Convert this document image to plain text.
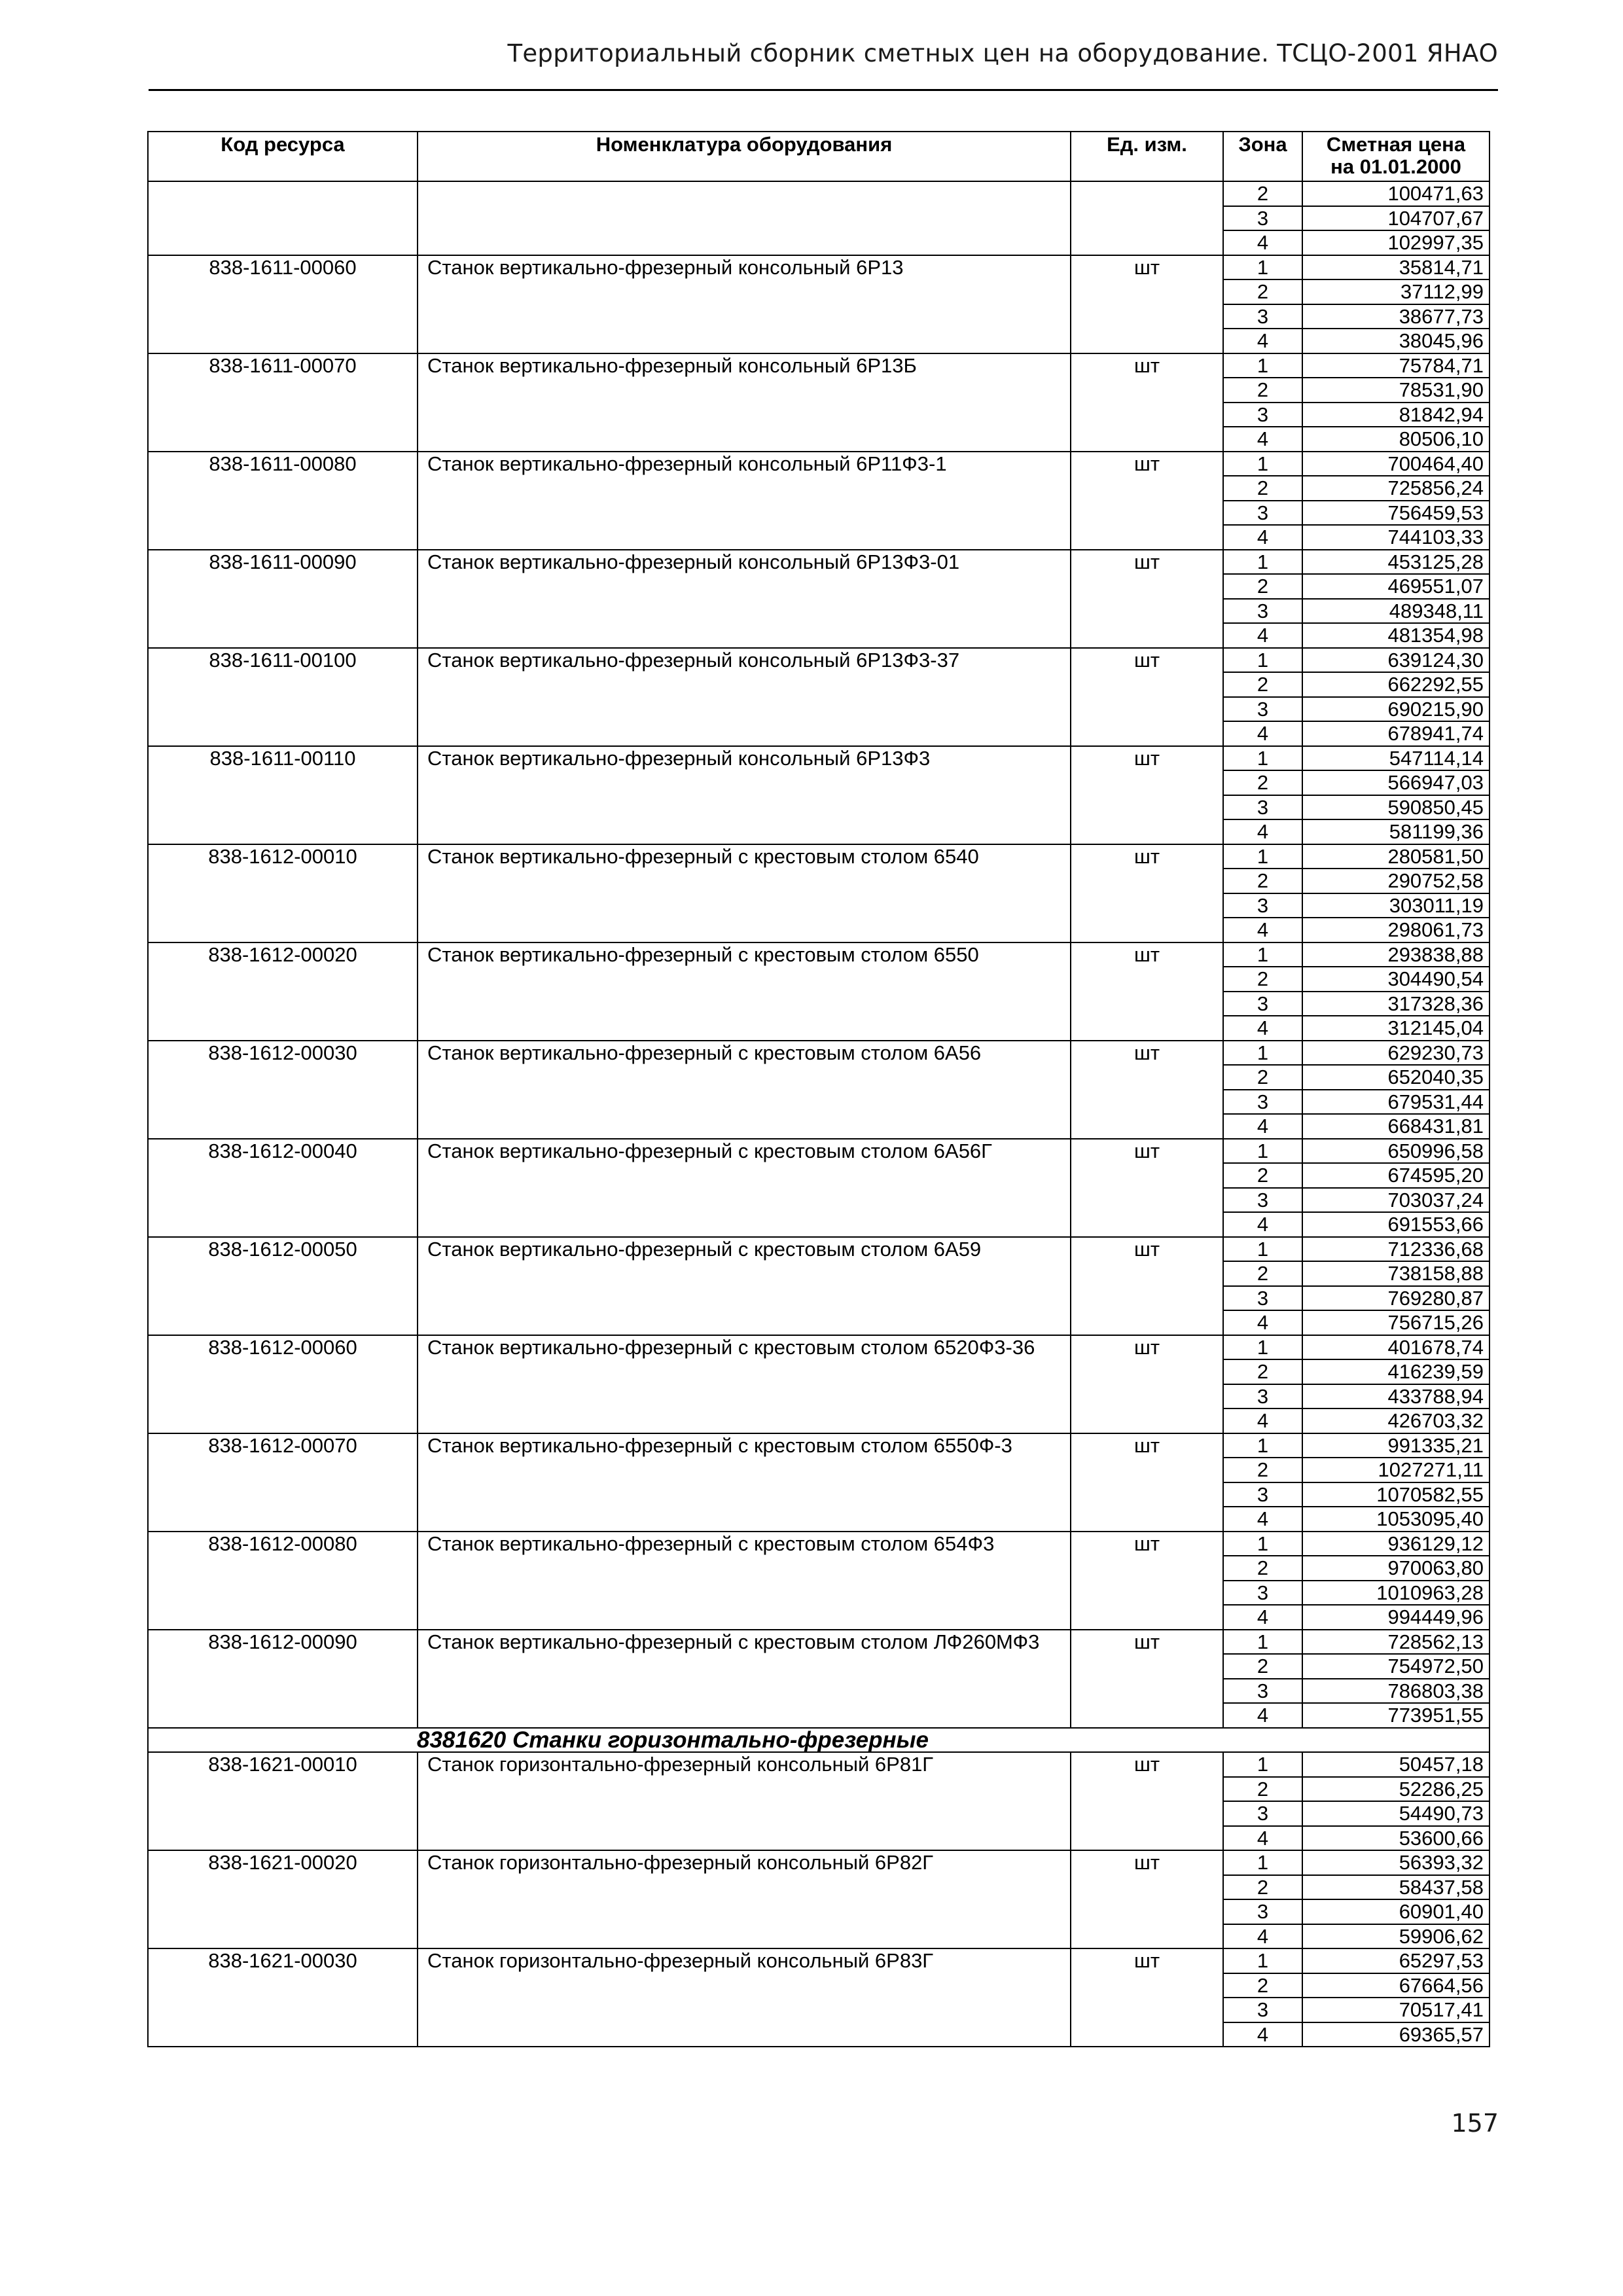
Территориальный сборник сметных цен на оборудование. ТСЦО-2001 ЯНАО
Код ресурса	Номенклатура оборудования	Ед. изм.	Зона	Сметная цена
на 01.01.2000
			2	100471,63
			3	104707,67
			4	102997,35
838-1611-00060	Станок вертикально-фрезерный консольный 6Р13	шт	1	35814,71
			2	37112,99
			3	38677,73
			4	38045,96
838-1611-00070	Станок вертикально-фрезерный консольный 6Р13Б	шт	1	75784,71
			2	78531,90
			3	81842,94
			4	80506,10
838-1611-00080	Станок вертикально-фрезерный консольный 6Р11Ф3-1	шт	1	700464,40
			2	725856,24
			3	756459,53
			4	744103,33
838-1611-00090	Станок вертикально-фрезерный консольный 6Р13Ф3-01	шт	1	453125,28
			2	469551,07
			3	489348,11
			4	481354,98
838-1611-00100	Станок вертикально-фрезерный консольный 6Р13Ф3-37	шт	1	639124,30
			2	662292,55
			3	690215,90
			4	678941,74
838-1611-00110	Станок вертикально-фрезерный консольный 6Р13Ф3	шт	1	547114,14
			2	566947,03
			3	590850,45
			4	581199,36
838-1612-00010	Станок вертикально-фрезерный с крестовым столом 6540	шт	1	280581,50
			2	290752,58
			3	303011,19
			4	298061,73
838-1612-00020	Станок вертикально-фрезерный с крестовым столом 6550	шт	1	293838,88
			2	304490,54
			3	317328,36
			4	312145,04
838-1612-00030	Станок вертикально-фрезерный с крестовым столом 6А56	шт	1	629230,73
			2	652040,35
			3	679531,44
			4	668431,81
838-1612-00040	Станок вертикально-фрезерный с крестовым столом 6А56Г	шт	1	650996,58
			2	674595,20
			3	703037,24
			4	691553,66
838-1612-00050	Станок вертикально-фрезерный с крестовым столом 6А59	шт	1	712336,68
			2	738158,88
			3	769280,87
			4	756715,26
838-1612-00060	Станок вертикально-фрезерный с крестовым столом 6520Ф3-36	шт	1	401678,74
			2	416239,59
			3	433788,94
			4	426703,32
838-1612-00070	Станок вертикально-фрезерный с крестовым столом 6550Ф-3	шт	1	991335,21
			2	1027271,11
			3	1070582,55
			4	1053095,40
838-1612-00080	Станок вертикально-фрезерный с крестовым столом 654Ф3	шт	1	936129,12
			2	970063,80
			3	1010963,28
			4	994449,96
838-1612-00090	Станок вертикально-фрезерный с крестовым столом ЛФ260МФ3	шт	1	728562,13
			2	754972,50
			3	786803,38
			4	773951,55
8381620 Станки горизонтально-фрезерные				
838-1621-00010	Станок горизонтально-фрезерный консольный 6Р81Г	шт	1	50457,18
			2	52286,25
			3	54490,73
			4	53600,66
838-1621-00020	Станок горизонтально-фрезерный консольный 6Р82Г	шт	1	56393,32
			2	58437,58
			3	60901,40
			4	59906,62
838-1621-00030	Станок горизонтально-фрезерный консольный 6Р83Г	шт	1	65297,53
			2	67664,56
			3	70517,41
			4	69365,57
157
